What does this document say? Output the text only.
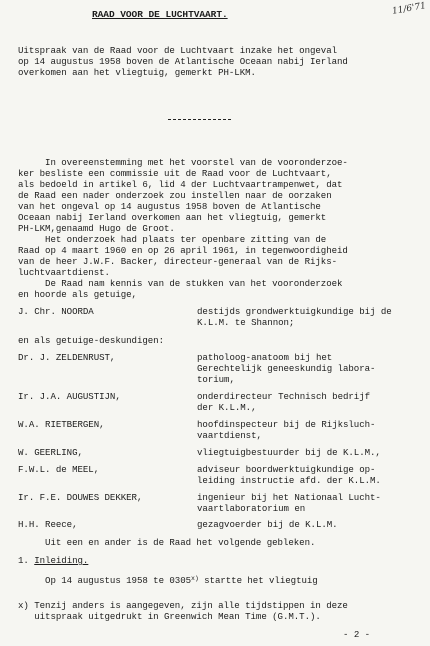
RAAD VOOR DE LUCHTVAART.	11/6'71
Uitspraak van de Raad voor de Luchtvaart inzake het ongeval
op 14 augustus 1958 boven de Atlantische Oceaan nabij Ierland
overkomen aan het vliegtuig, gemerkt PH-LKM.
In overeenstemming met het voorstel van de vooronderzoe-
ker besliste een commissie uit de Raad voor de Luchtvaart,
als bedoeld in artikel 6, lid 4 der Luchtvaartrampenwet, dat
de Raad een nader onderzoek zou instellen naar de oorzaken
van het ongeval op 14 augustus 1958 boven de Atlantische
Oceaan nabij Ierland overkomen aan het vliegtuig, gemerkt
PH-LKM,genaamd Hugo de Groot.
Het onderzoek had plaats ter openbare zitting van de
Raad op 4 maart 1960 en op 26 april 1961, in tegenwoordigheid
van de heer J.W.F. Backer, directeur-generaal van de Rijks-
luchtvaartdienst.
De Raad nam kennis van de stukken van het vooronderzoek
en hoorde als getuige,
J. Chr. NOORDA	destijds grondwerktuigkundige bij de
K.L.M. te Shannon;
en als getuige-deskundigen:
Dr. J. ZELDENRUST,	patholoog-anatoom bij het
Gerechtelijk geneeskundig labora-
torium,
Ir. J.A. AUGUSTIJN,	onderdirecteur Technisch bedrijf
der K.L.M.,
W.A. RIETBERGEN,	hoofdinspecteur bij de Rijksluch-
vaartdienst,
W. GEERLING,	vliegtuigbestuurder bij de K.L.M.,
F.W.L. de MEEL,	adviseur boordwerktuigkundige op-
leiding instructie afd. der K.L.M.
Ir. F.E. DOUWES DEKKER,	ingenieur bij het Nationaal Lucht-
vaartlaboratorium en
H.H. Reece,	gezagvoerder bij de K.L.M.
Uit een en ander is de Raad het volgende gebleken.
1. Inleiding.
Op 14 augustus 1958 te 0305$^{x)}$ startte het vliegtuig
x) Tenzij anders is aangegeven, zijn alle tijdstippen in deze
uitspraak uitgedrukt in Greenwich Mean Time (G.M.T.).
- 2 -
